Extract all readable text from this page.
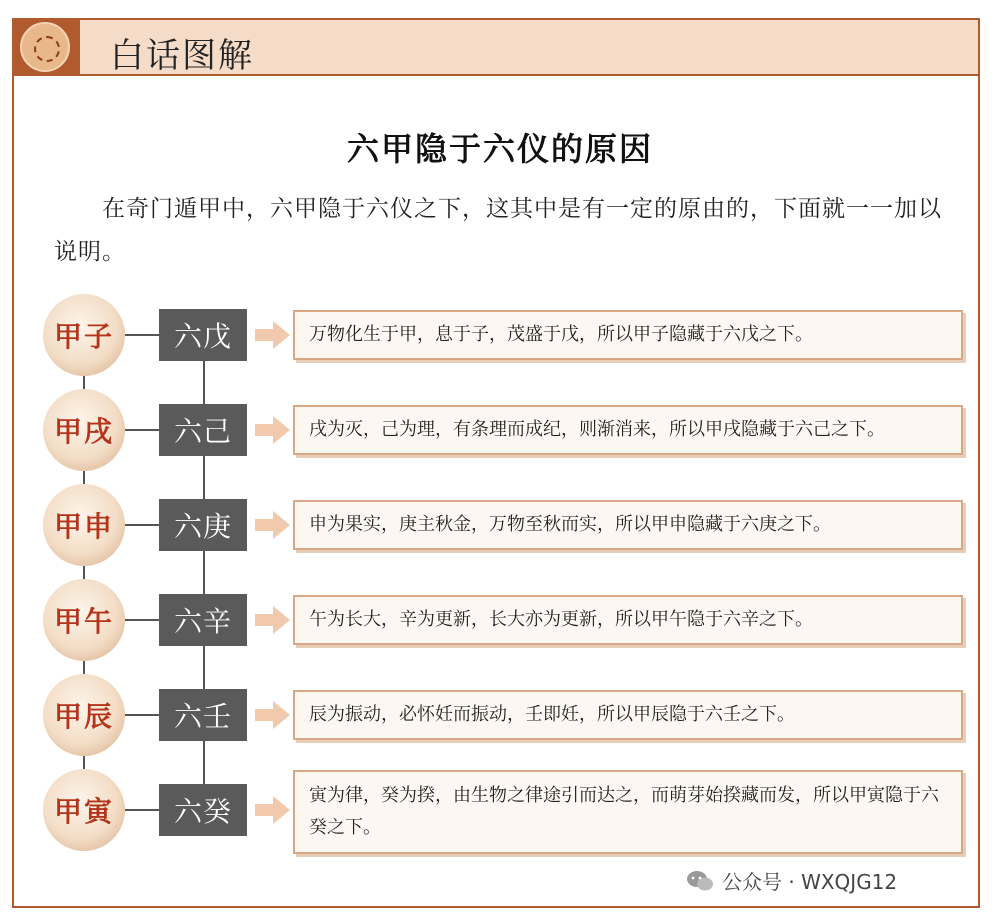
白话图解
六甲隐于六仪的原因
在奇门遁甲中，六甲隐于六仪之下，这其中是有一定的原由的，下面就一一加以说明。
甲子	六戊	万物化生于甲，息于子，茂盛于戊，所以甲子隐藏于六戊之下。
甲戌	六己	戌为灭，己为理，有条理而成纪，则渐消来，所以甲戌隐藏于六己之下。
甲申	六庚	申为果实，庚主秋金，万物至秋而实，所以甲申隐藏于六庚之下。
甲午	六辛	午为长大，辛为更新，长大亦为更新，所以甲午隐于六辛之下。
甲辰	六壬	辰为振动，必怀妊而振动，壬即妊，所以甲辰隐于六壬之下。
甲寅	六癸	寅为律，癸为揆，由生物之律途引而达之，而萌芽始揆藏而发，所以甲寅隐于六癸之下。
公众号 · WXQJG12
